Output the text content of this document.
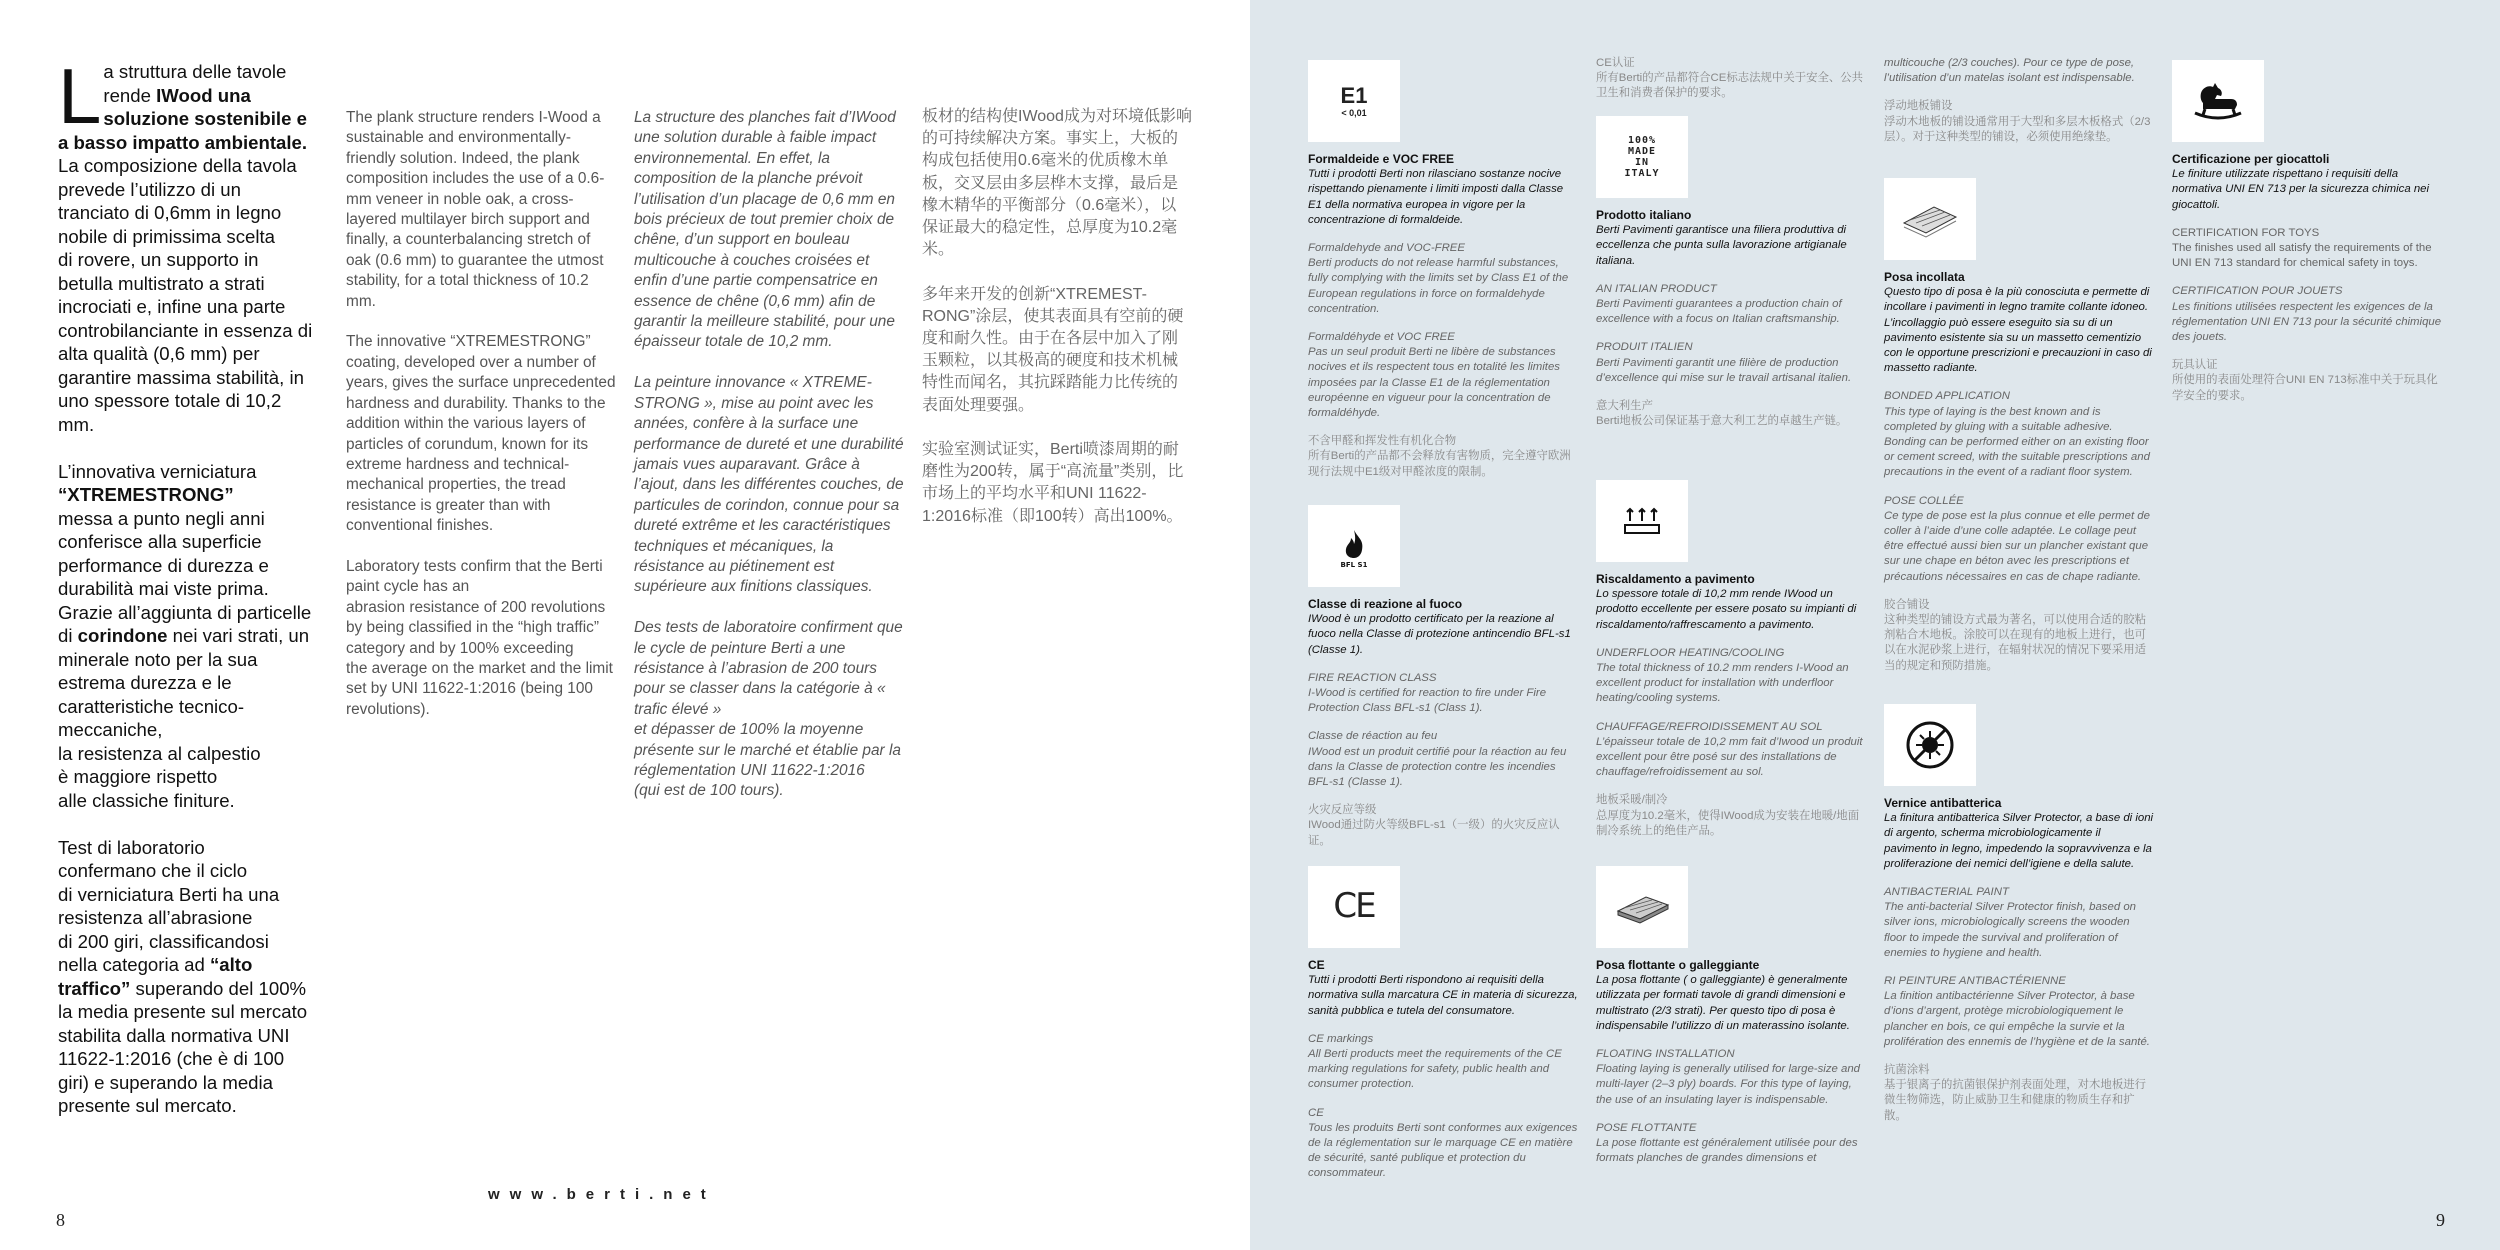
La struttura delle tavole rende IWood una soluzione sostenibile e a basso impatto ambientale.
La composizione della tavola prevede l’utilizzo di un tranciato di 0,6mm in legno nobile di primissima scelta
di rovere, un supporto in betulla multistrato a strati incrociati e, infine una parte controbilanciante in essenza di alta qualità (0,6 mm) per garantire massima stabilità, in uno spessore totale di 10,2 mm.

L’innovativa verniciatura
“XTREMESTRONG”
messa a punto negli anni conferisce alla superficie performance di durezza e durabilità mai viste prima.
Grazie all’aggiunta di particelle di corindone nei vari strati, un minerale noto per la sua estrema durezza e le caratteristiche tecnico-meccaniche,
la resistenza al calpestio
è maggiore rispetto
alle classiche finiture.

Test di laboratorio
confermano che il ciclo
di verniciatura Berti ha una resistenza all’abrasione
di 200 giri, classificandosi nella categoria ad “alto traffico” superando del 100% la media presente sul mercato stabilita dalla normativa UNI 11622-1:2016 (che è di 100 giri) e superando la media presente sul mercato.
The plank structure renders I-Wood a sustainable and environmentally-friendly solution. Indeed, the plank composition includes the use of a 0.6-mm veneer in noble oak, a cross-layered multilayer birch support and finally, a counterbalancing stretch of oak (0.6 mm) to guarantee the utmost stability, for a total thickness of 10.2 mm.

The innovative “XTREMESTRONG” coating, developed over a number of years, gives the surface unprecedented hardness and durability. Thanks to the addition within the various layers of particles of corundum, known for its extreme hardness and technical-mechanical properties, the tread resistance is greater than with conventional finishes.

Laboratory tests confirm that the Berti paint cycle has an
abrasion resistance of 200 revolutions by being classified in the “high traffic” category and by 100% exceeding
the average on the market and the limit set by UNI 11622-1:2016 (being 100 revolutions).
La structure des planches fait d’IWood une solution durable à faible impact environnemental. En effet, la composition de la planche prévoit l’utilisation d’un placage de 0,6 mm en bois précieux de tout premier choix de chêne, d’un support en bouleau multicouche à couches croisées et enfin d’une partie compensatrice en essence de chêne (0,6 mm) afin de garantir la meilleure stabilité, pour une épaisseur totale de 10,2 mm.

La peinture innovance « XTREME-STRONG », mise au point avec les années, confère à la surface une performance de dureté et une durabilité jamais vues auparavant. Grâce à l’ajout, dans les différentes couches, de particules de corindon, connue pour sa dureté extrême et les caractéristiques techniques et mécaniques, la résistance au piétinement est supérieure aux finitions classiques.

Des tests de laboratoire confirment que le cycle de peinture Berti a une résistance à l’abrasion de 200 tours pour se classer dans la catégorie à « trafic élevé »
et dépasser de 100% la moyenne présente sur le marché et établie par la réglementation UNI 11622-1:2016
(qui est de 100 tours).
板材的结构使IWood成为对环境低影响的可持续解决方案。事实上，大板的构成包括使用0.6毫米的优质橡木单板，交叉层由多层桦木支撑，最后是橡木精华的平衡部分（0.6毫米），以保证最大的稳定性，总厚度为10.2毫米。

多年来开发的创新“XTREMEST-RONG”涂层，使其表面具有空前的硬度和耐久性。由于在各层中加入了刚玉颗粒，以其极高的硬度和技术机械特性而闻名，其抗踩踏能力比传统的表面处理要强。

实验室测试证实，Berti喷漆周期的耐磨性为200转，属于“高流量”类别，比市场上的平均水平和UNI 11622-1:2016标准（即100转）高出100%。
8
www.berti.net
E1
< 0,01
Formaldeide e VOC FREE
Tutti i prodotti Berti non rilasciano sostanze nocive rispettando pienamente i limiti imposti dalla Classe E1 della normativa europea in vigore per la concentrazione di formaldeide.
Formaldehyde and VOC-FREE
Berti products do not release harmful substances, fully complying with the limits set by Class E1 of the European regulations in force on formaldehyde concentration.
Formaldéhyde et VOC FREE
Pas un seul produit Berti ne libère de substances nocives et ils respectent tous en totalité les limites imposées par la Classe E1 de la réglementation européenne en vigueur pour la concentration de formaldéhyde.
不含甲醛和挥发性有机化合物
所有Berti的产品都不会释放有害物质，完全遵守欧洲现行法规中E1级对甲醛浓度的限制。
BFL S1
Classe di reazione al fuoco
IWood è un prodotto certificato per la reazione al fuoco nella Classe di protezione antincendio BFL-s1 (Classe 1).
FIRE REACTION CLASS
I-Wood is certified for reaction to fire under Fire Protection Class BFL-s1 (Class 1).
Classe de réaction au feu
IWood est un produit certifié pour la réaction au feu dans la Classe de protection contre les incendies BFL-s1 (Classe 1).
火灾反应等级
IWood通过防火等级BFL-s1（一级）的火灾反应认证。
CE
CE
Tutti i prodotti Berti rispondono ai requisiti della normativa sulla marcatura CE in materia di sicurezza, sanità pubblica e tutela del consumatore.
CE markings
All Berti products meet the requirements of the CE marking regulations for safety, public health and consumer protection.
CE
Tous les produits Berti sont conformes aux exigences de la réglementation sur le marquage CE en matière de sécurité, santé publique et protection du consommateur.
CE认证
所有Berti的产品都符合CE标志法规中关于安全、公共卫生和消费者保护的要求。
100%
MADE
IN
ITALY
Prodotto italiano
Berti Pavimenti garantisce una filiera produttiva di eccellenza che punta sulla lavorazione artigianale italiana.
AN ITALIAN PRODUCT
Berti Pavimenti guarantees a production chain of excellence with a focus on Italian craftsmanship.
PRODUIT ITALIEN
Berti Pavimenti garantit une filière de production d’excellence qui mise sur le travail artisanal italien.
意大利生产
Berti地板公司保证基于意大利工艺的卓越生产链。
Riscaldamento a pavimento
Lo spessore totale di 10,2 mm rende IWood un prodotto eccellente per essere posato su impianti di riscaldamento/raffrescamento a pavimento.
UNDERFLOOR HEATING/COOLING
The total thickness of 10.2 mm renders I-Wood an excellent product for installation with underfloor heating/cooling systems.
CHAUFFAGE/REFROIDISSEMENT AU SOL
L’épaisseur totale de 10,2 mm fait d’Iwood un produit excellent pour être posé sur des installations de chauffage/refroidissement au sol.
地板采暖/制冷
总厚度为10.2毫米，使得IWood成为安装在地暖/地面制冷系统上的绝佳产品。
Posa flottante o galleggiante
La posa flottante ( o galleggiante) è generalmente utilizzata per formati tavole di grandi dimensioni e multistrato (2/3 strati). Per questo tipo di posa è indispensabile l’utilizzo di un materassino isolante.
FLOATING INSTALLATION
Floating laying is generally utilised for large-size and multi-layer (2–3 ply) boards. For this type of laying, the use of an insulating layer is indispensable.
POSE FLOTTANTE
La pose flottante est généralement utilisée pour des formats planches de grandes dimensions et
multicouche (2/3 couches). Pour ce type de pose, l’utilisation d’un matelas isolant est indispensable.
浮动地板铺设
浮动木地板的铺设通常用于大型和多层木板格式（2/3层）。对于这种类型的铺设，必须使用绝缘垫。
Posa incollata
Questo tipo di posa è la più conosciuta e permette di incollare i pavimenti in legno tramite collante idoneo. L’incollaggio può essere eseguito sia su di un pavimento esistente sia su un massetto cementizio con le opportune prescrizioni e precauzioni in caso di massetto radiante.
BONDED APPLICATION
This type of laying is the best known and is completed by gluing with a suitable adhesive. Bonding can be performed either on an existing floor or cement screed, with the suitable prescriptions and precautions in the event of a radiant floor system.
POSE COLLÉE
Ce type de pose est la plus connue et elle permet de coller à l’aide d’une colle adaptée. Le collage peut être effectué aussi bien sur un plancher existant que sur une chape en béton avec les prescriptions et précautions nécessaires en cas de chape radiante.
胶合铺设
这种类型的铺设方式最为著名，可以使用合适的胶粘剂粘合木地板。涂胶可以在现有的地板上进行，也可以在水泥砂浆上进行，在辐射状况的情况下要采用适当的规定和预防措施。
Vernice antibatterica
La finitura antibatterica Silver Protector, a base di ioni di argento, scherma microbiologicamente il pavimento in legno, impedendo la sopravvivenza e la proliferazione dei nemici dell’igiene e della salute.
ANTIBACTERIAL PAINT
The anti-bacterial Silver Protector finish, based on silver ions, microbiologically screens the wooden floor to impede the survival and proliferation of enemies to hygiene and health.
RI PEINTURE ANTIBACTÉRIENNE
La finition antibactérienne Silver Protector, à base d’ions d’argent, protège microbiologiquement le plancher en bois, ce qui empêche la survie et la prolifération des ennemis de l’hygiène et de la santé.
抗菌涂料
基于银离子的抗菌银保护剂表面处理，对木地板进行微生物筛选，防止威胁卫生和健康的物质生存和扩散。
Certificazione per giocattoli
Le finiture utilizzate rispettano i requisiti della normativa UNI EN 713 per la sicurezza chimica nei giocattoli.
CERTIFICATION FOR TOYS
The finishes used all satisfy the requirements of the UNI EN 713 standard for chemical safety in toys.
CERTIFICATION POUR JOUETS
Les finitions utilisées respectent les exigences de la réglementation UNI EN 713 pour la sécurité chimique des jouets.
玩具认证
所使用的表面处理符合UNI EN 713标准中关于玩具化学安全的要求。
9
